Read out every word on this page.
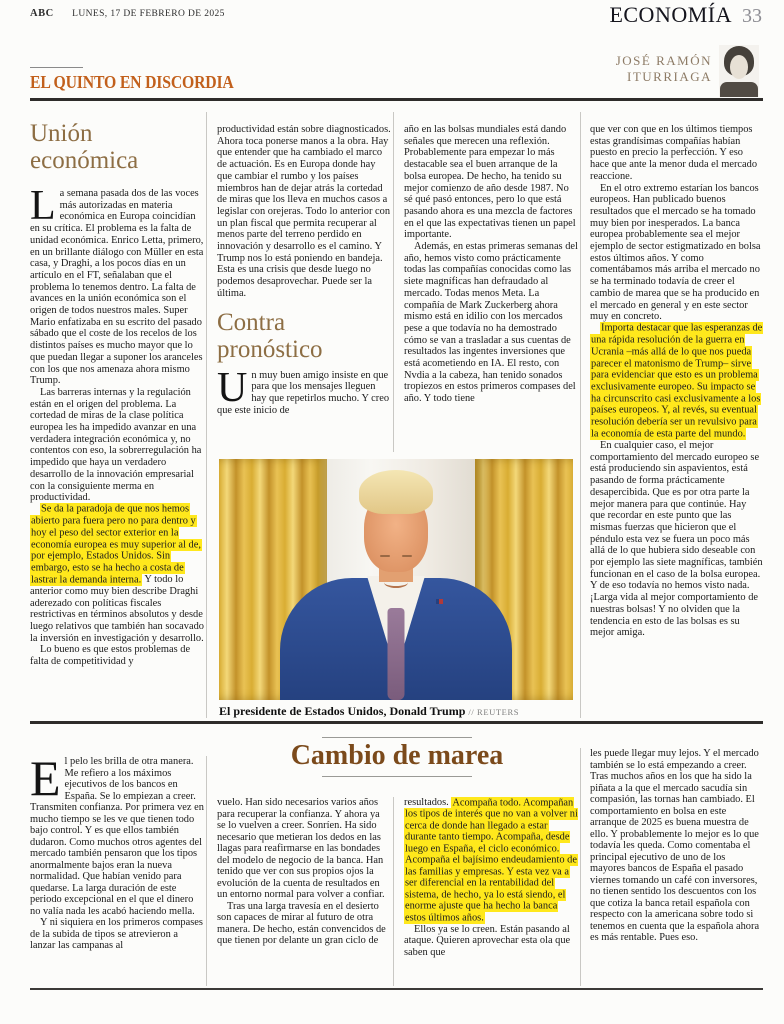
ABC LUNES, 17 DE FEBRERO DE 2025	ECONOMÍA 33
EL QUINTO EN DISCORDIA
JOSÉ RAMÓN
ITURRIAGA
Unión económica

La semana pasada dos de las voces más autorizadas en materia económica en Europa coincidían en su crítica. El problema es la falta de unidad económica. Enrico Letta, primero, en un brillante diálogo con Müller en esta casa, y Draghi, a los pocos días en un artículo en el FT, señalaban que el problema lo tenemos dentro. La falta de avances en la unión económica son el origen de todos nuestros males. Super Mario enfatizaba en su escrito del pasado sábado que el coste de los recelos de los distintos países es mucho mayor que lo que puedan llegar a suponer los aranceles con los que nos amenaza ahora mismo Trump.

Las barreras internas y la regulación están en el origen del problema. La cortedad de miras de la clase política europea les ha impedido avanzar en una verdadera integración económica y, no contentos con eso, la sobrerregulación ha impedido que haya un verdadero desarrollo de la innovación empresarial con la consiguiente merma en productividad.

Se da la paradoja de que nos hemos abierto para fuera pero no para dentro y hoy el peso del sector exterior en la economía europea es muy superior al de, por ejemplo, Estados Unidos. Sin embargo, esto se ha hecho a costa de lastrar la demanda interna. Y todo lo anterior como muy bien describe Draghi aderezado con políticas fiscales restrictivas en términos absolutos y desde luego relativos que también han socavado la inversión en investigación y desarrollo.

Lo bueno es que estos problemas de falta de competitividad y

productividad están sobre diagnosticados. Ahora toca ponerse manos a la obra. Hay que entender que ha cambiado el marco de actuación. Es en Europa donde hay que cambiar el rumbo y los países miembros han de dejar atrás la cortedad de miras que los lleva en muchos casos a legislar con orejeras. Todo lo anterior con un plan fiscal que permita recuperar al menos parte del terreno perdido en innovación y desarrollo es el camino. Y Trump nos lo está poniendo en bandeja. Esta es una crisis que desde luego no podemos desaprovechar. Puede ser la última.

Contra pronóstico

Un muy buen amigo insiste en que para que los mensajes lleguen hay que repetirlos mucho. Y creo que este inicio de

año en las bolsas mundiales está dando señales que merecen una reflexión. Probablemente para empezar lo más destacable sea el buen arranque de la bolsa europea. De hecho, ha tenido su mejor comienzo de año desde 1987. No sé qué pasó entonces, pero lo que está pasando ahora es una mezcla de factores en el que las expectativas tienen un papel importante.

Además, en estas primeras semanas del año, hemos visto como prácticamente todas las compañías conocidas como las siete magníficas han defraudado al mercado. Todas menos Meta. La compañía de Mark Zuckerberg ahora mismo está en idilio con los mercados pese a que todavía no ha demostrado cómo se van a trasladar a sus cuentas de resultados las ingentes inversiones que está acometiendo en IA. El resto, con Nvdia a la cabeza, han tenido sonados tropiezos en estos primeros compases del año. Y todo tiene

que ver con que en los últimos tiempos estas grandísimas compañías habían puesto en precio la perfección. Y eso hace que ante la menor duda el mercado reaccione.

En el otro extremo estarían los bancos europeos. Han publicado buenos resultados que el mercado se ha tomado muy bien por inesperados. La banca europea probablemente sea el mejor ejemplo de sector estigmatizado en bolsa estos últimos años. Y como comentábamos más arriba el mercado no se ha terminado todavía de creer el cambio de marea que se ha producido en el mercado en general y en este sector muy en concreto.

Importa destacar que las esperanzas de una rápida resolución de la guerra en Ucrania –más allá de lo que nos pueda parecer el matonismo de Trump– sirve para evidenciar que esto es un problema exclusivamente europeo. Su impacto se ha circunscrito casi exclusivamente a los países europeos. Y, al revés, su eventual resolución debería ser un revulsivo para la economía de esta parte del mundo.

En cualquier caso, el mejor comportamiento del mercado europeo se está produciendo sin aspavientos, está pasando de forma prácticamente desapercibida. Que es por otra parte la mejor manera para que continúe. Hay que recordar en este punto que las mismas fuerzas que hicieron que el péndulo esta vez se fuera un poco más allá de lo que hubiera sido deseable con por ejemplo las siete magníficas, también funcionan en el caso de la bolsa europea. Y de eso todavía no hemos visto nada. ¡Larga vida al mejor comportamiento de nuestras bolsas! Y no olviden que la tendencia en esto de las bolsas es su mejor amiga.

El presidente de Estados Unidos, Donald Trump // REUTERS
Cambio de marea

El pelo les brilla de otra manera. Me refiero a los máximos ejecutivos de los bancos en España. Se lo empiezan a creer. Transmiten confianza. Por primera vez en mucho tiempo se les ve que tienen todo bajo control. Y es que ellos también dudaron. Como muchos otros agentes del mercado también pensaron que los tipos anormalmente bajos eran la nueva normalidad. Que habían venido para quedarse. La larga duración de este periodo excepcional en el que el dinero no valía nada les acabó haciendo mella.

Y ni siquiera en los primeros compases de la subida de tipos se atrevieron a lanzar las campanas al

vuelo. Han sido necesarios varios años para recuperar la confianza. Y ahora ya se lo vuelven a creer. Sonríen. Ha sido necesario que metieran los dedos en las llagas para reafirmarse en las bondades del modelo de negocio de la banca. Han tenido que ver con sus propios ojos la evolución de la cuenta de resultados en un entorno normal para volver a confiar.

Tras una larga travesía en el desierto son capaces de mirar al futuro de otra manera. De hecho, están convencidos de que tienen por delante un gran ciclo de

resultados. Acompaña todo. Acompañan los tipos de interés que no van a volver ni cerca de donde han llegado a estar durante tanto tiempo. Acompaña, desde luego en España, el ciclo económico. Acompaña el bajísimo endeudamiento de las familias y empresas. Y esta vez va a ser diferencial en la rentabilidad del sistema, de hecho, ya lo está siendo, el enorme ajuste que ha hecho la banca estos últimos años.

Ellos ya se lo creen. Están pasando al ataque. Quieren aprovechar esta ola que saben que

les puede llegar muy lejos. Y el mercado también se lo está empezando a creer. Tras muchos años en los que ha sido la piñata a la que el mercado sacudía sin compasión, las tornas han cambiado. El comportamiento en bolsa en este arranque de 2025 es buena muestra de ello. Y probablemente lo mejor es lo que todavía les queda. Como comentaba el principal ejecutivo de uno de los mayores bancos de España el pasado viernes tomando un café con inversores, no tienen sentido los descuentos con los que cotiza la banca retail española con respecto con la americana sobre todo si tenemos en cuenta que la española ahora es más rentable. Pues eso.
